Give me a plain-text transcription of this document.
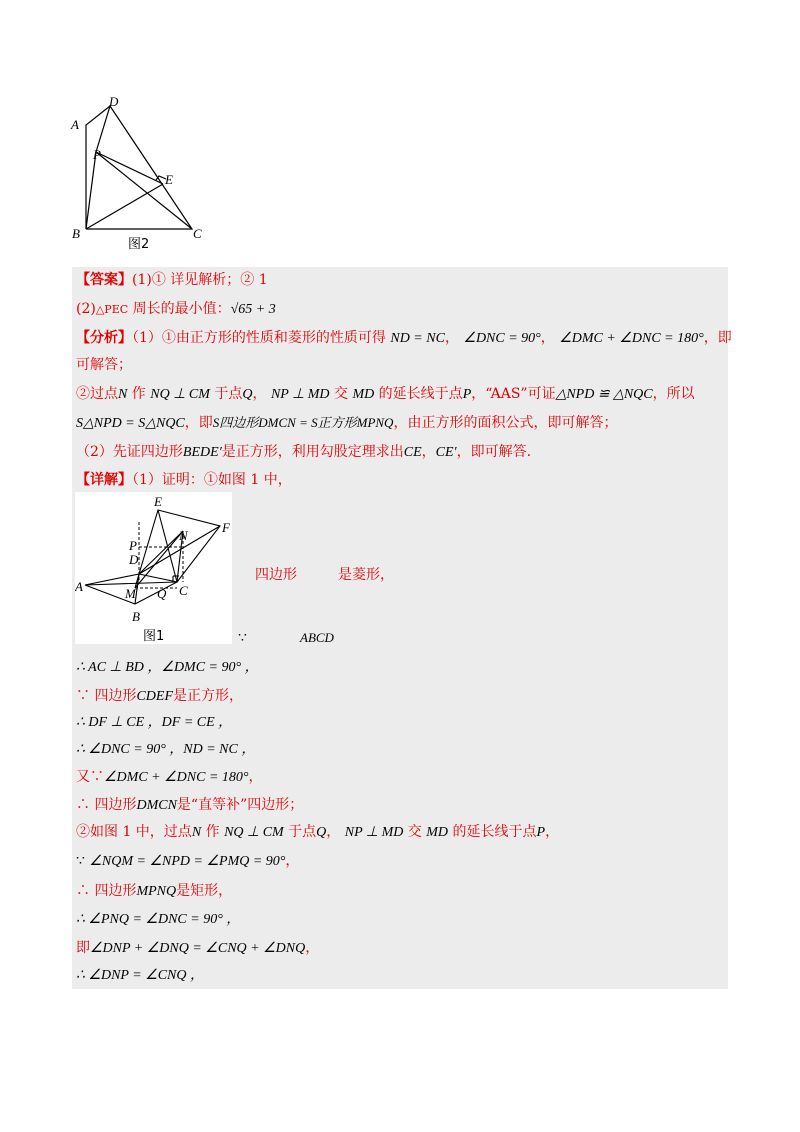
A
D
P
E
B	C
图2
【答案】(1)① 详见解析；② 1
(2)△PEC 周长的最小值：√65 + 3
【分析】（1）①由正方形的性质和菱形的性质可得 ND = NC， ∠DNC = 90°， ∠DMC + ∠DNC = 180°，即
可解答；
②过点N 作 NQ ⊥ CM 于点Q， NP ⊥ MD 交 MD 的延长线于点P，“AAS”可证△NPD ≌ △NQC，所以
S△NPD = S△NQC，即S四边形DMCN = S正方形MPNQ，由正方形的面积公式，即可解答；
（2）先证四边形BEDE′是正方形，利用勾股定理求出CE，CE′，即可解答.
【详解】（1）证明：①如图 1 中，
E
F
N
P
D
A	M Q C
B
图1
四边形	是菱形，
∵	ABCD
∴ AC ⊥ BD ，∠DMC = 90° ，
∵ 四边形CDEF是正方形，
∴ DF ⊥ CE ，DF = CE ，
∴ ∠DNC = 90° ，ND = NC ，
又∵∠DMC + ∠DNC = 180°，
∴ 四边形DMCN是“直等补”四边形；
②如图 1 中，过点N 作 NQ ⊥ CM 于点Q， NP ⊥ MD 交 MD 的延长线于点P，
∵ ∠NQM = ∠NPD = ∠PMQ = 90°，
∴ 四边形MPNQ是矩形，
∴ ∠PNQ = ∠DNC = 90° ，
即∠DNP + ∠DNQ = ∠CNQ + ∠DNQ，
∴ ∠DNP = ∠CNQ ，
